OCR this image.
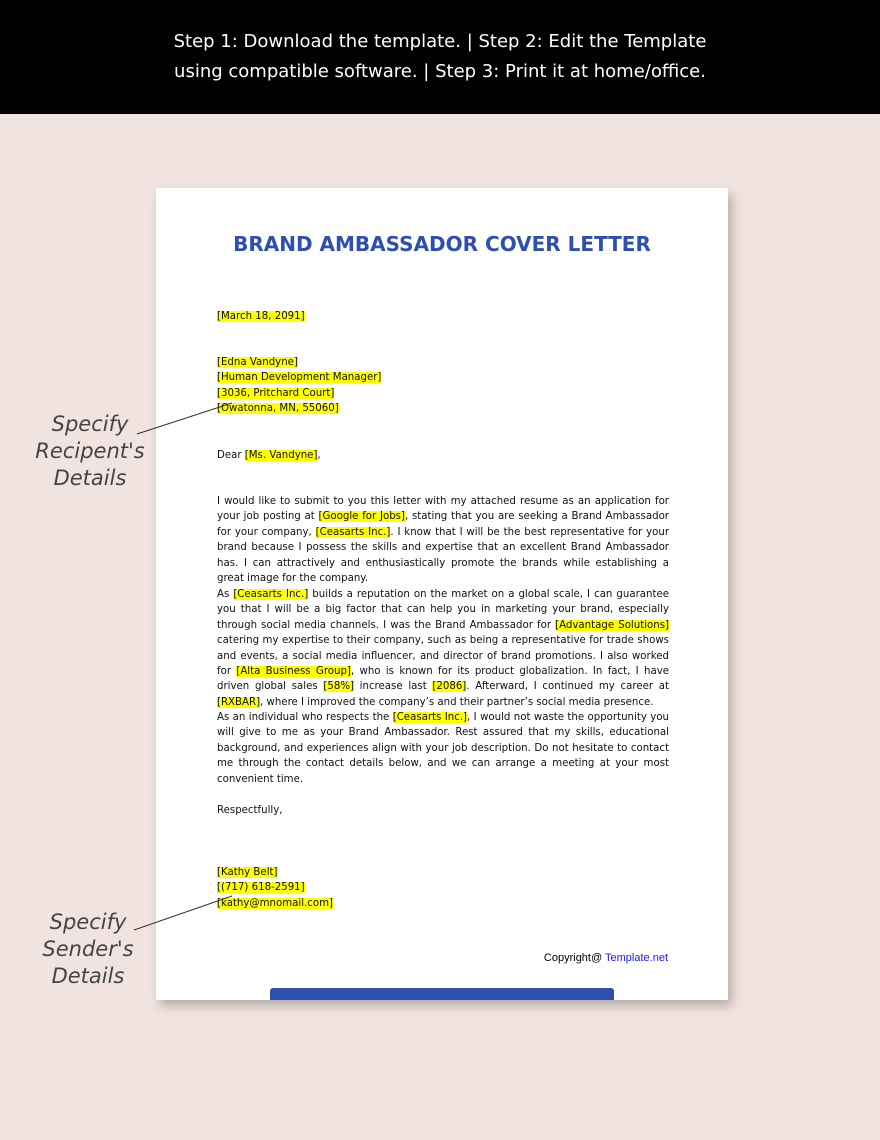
Step 1: Download the template. | Step 2: Edit the Template
using compatible software. | Step 3: Print it at home/office.
BRAND AMBASSADOR COVER LETTER
[March 18, 2091]

[Edna Vandyne]

[Human Development Manager]

[3036, Pritchard Court]

[Owatonna, MN, 55060]

Dear [Ms. Vandyne],
I would like to submit to you this letter with my attached resume as an application for your job posting at [Google for Jobs], stating that you are seeking a Brand Ambassador for your company, [Ceasarts Inc.]. I know that I will be the best representative for your brand because I possess the skills and expertise that an excellent Brand Ambassador has. I can attractively and enthusiastically promote the brands while establishing a great image for the company.
As [Ceasarts Inc.] builds a reputation on the market on a global scale, I can guarantee you that I will be a big factor that can help you in marketing your brand, especially through social media channels. I was the Brand Ambassador for [Advantage Solutions] catering my expertise to their company, such as being a representative for trade shows and events, a social media influencer, and director of brand promotions. I also worked for [Alta Business Group], who is known for its product globalization. In fact, I have driven global sales [58%] increase last [2086]. Afterward, I continued my career at [RXBAR], where I improved the company’s and their partner’s social media presence.
As an individual who respects the [Ceasarts Inc.], I would not waste the opportunity you will give to me as your Brand Ambassador. Rest assured that my skills, educational background, and experiences align with your job description. Do not hesitate to contact me through the contact details below, and we can arrange a meeting at your most convenient time.
Respectfully,

[Kathy Belt]

[(717) 618-2591]

[kathy@mnomail.com]

Copyright@ Template.net
Specify
Recipent's
Details
Specify
Sender's
Details
